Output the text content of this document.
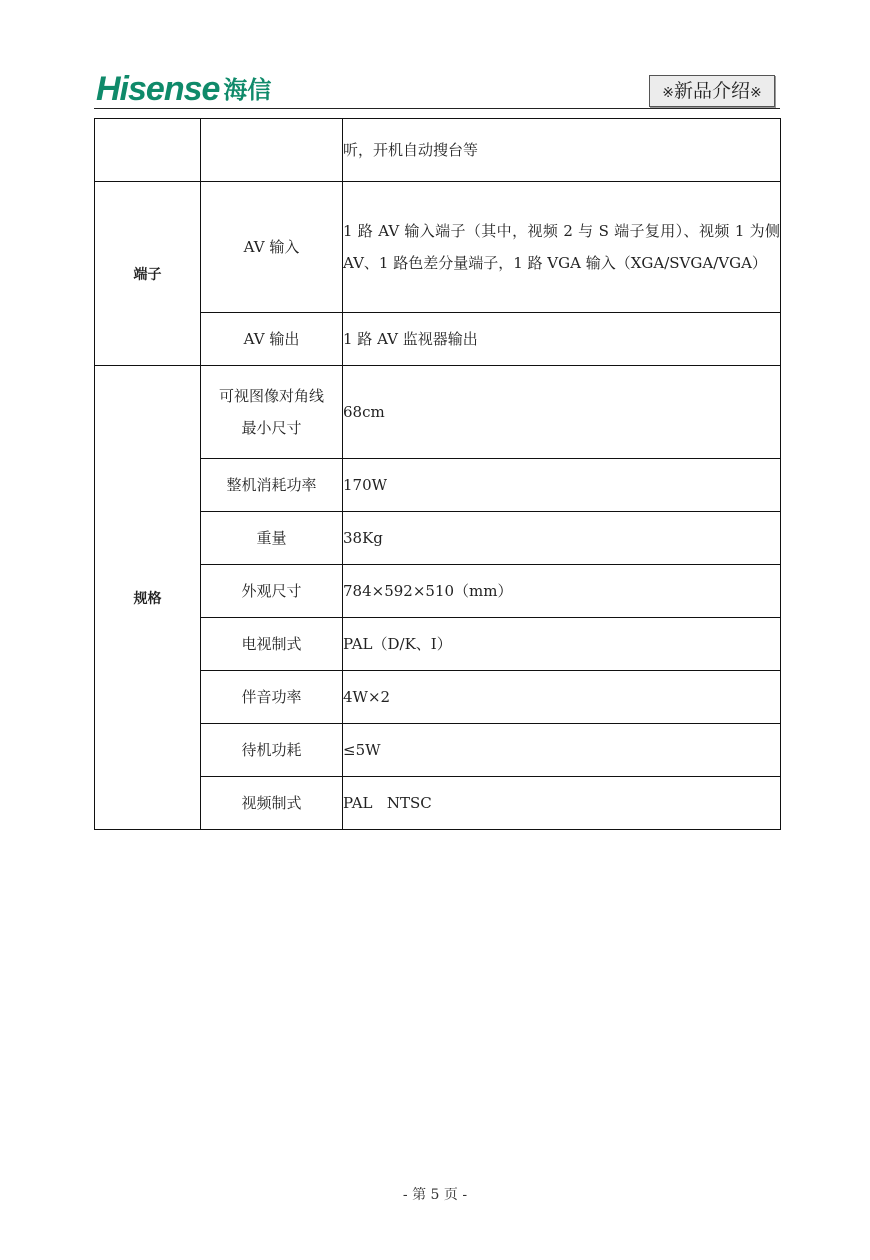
Hisense 海信	※新品介绍※
		听，开机自动搜台等
端子	AV 输入	1 路 AV 输入端子（其中，视频 2 与 S 端子复用）、视频 1 为侧 AV、1 路色差分量端子，1 路 VGA 输入（XGA/SVGA/VGA）
	AV 输出	1 路 AV 监视器输出
规格	可视图像对角线最小尺寸	68cm
	整机消耗功率	170W
	重量	38Kg
	外观尺寸	784×592×510（mm）
	电视制式	PAL（D/K、I）
	伴音功率	4W×2
	待机功耗	≤5W
	视频制式	PAL   NTSC
- 第 5 页 -
